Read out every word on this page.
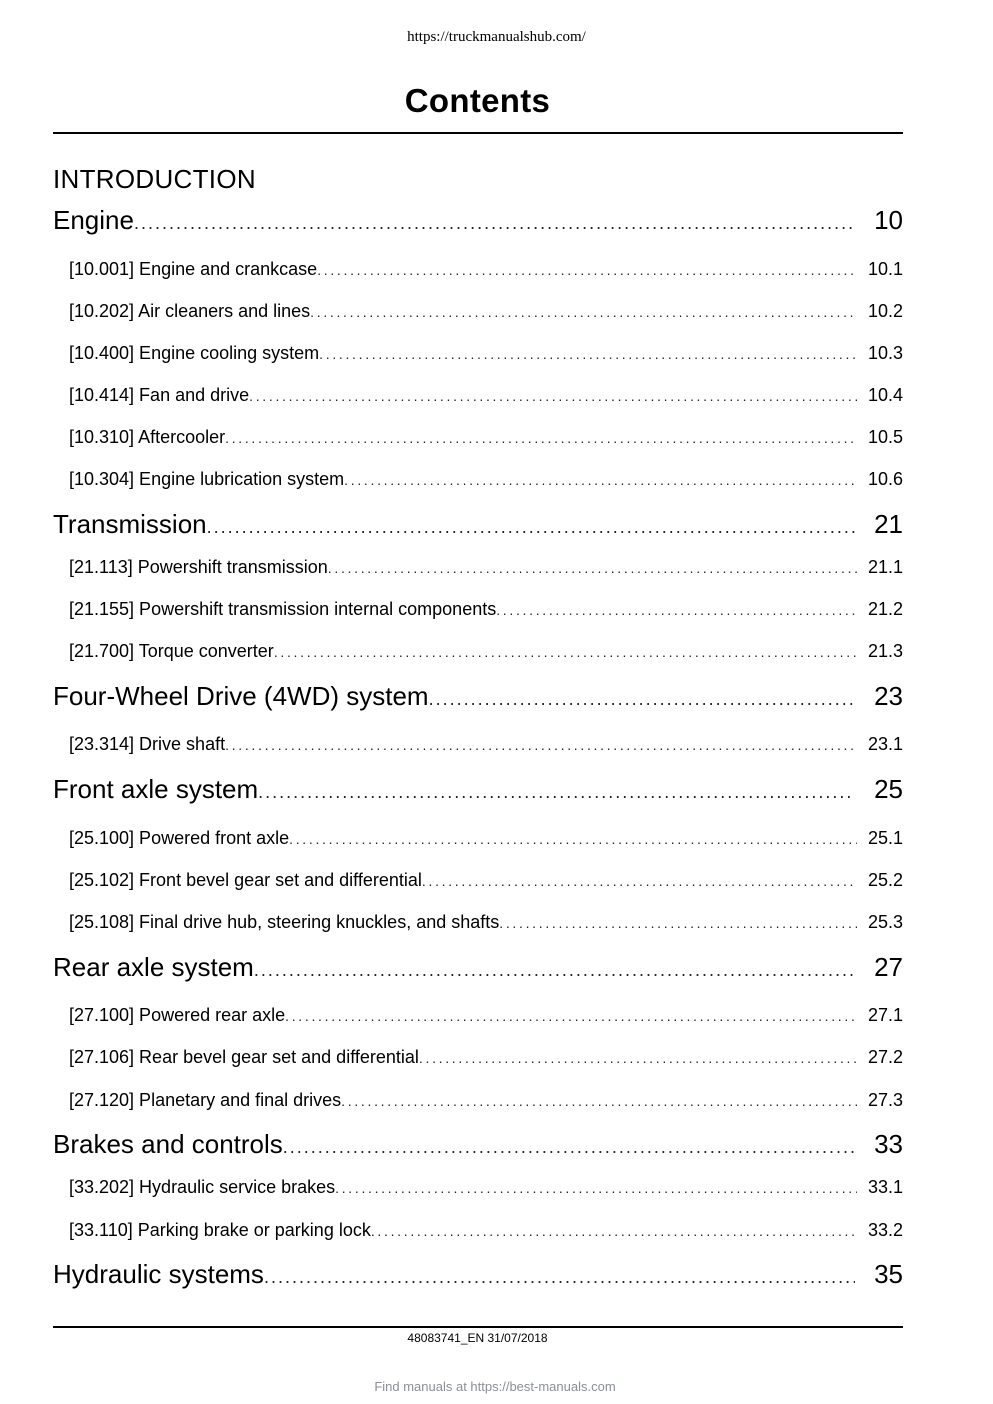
https://truckmanualshub.com/
Contents
INTRODUCTION
Engine . . .	10
[10.001] Engine and crankcase . . .	10.1
[10.202] Air cleaners and lines . . .	10.2
[10.400] Engine cooling system . . .	10.3
[10.414] Fan and drive . . .	10.4
[10.310] Aftercooler . . .	10.5
[10.304] Engine lubrication system . . .	10.6
Transmission . . .	21
[21.113] Powershift transmission . . .	21.1
[21.155] Powershift transmission internal components . . .	21.2
[21.700] Torque converter . . .	21.3
Four-Wheel Drive (4WD) system . . .	23
[23.314] Drive shaft . . .	23.1
Front axle system . . .	25
[25.100] Powered front axle . . .	25.1
[25.102] Front bevel gear set and differential . . .	25.2
[25.108] Final drive hub, steering knuckles, and shafts . . .	25.3
Rear axle system . . .	27
[27.100] Powered rear axle . . .	27.1
[27.106] Rear bevel gear set and differential . . .	27.2
[27.120] Planetary and final drives . . .	27.3
Brakes and controls . . .	33
[33.202] Hydraulic service brakes . . .	33.1
[33.110] Parking brake or parking lock . . .	33.2
Hydraulic systems . . .	35
48083741_EN 31/07/2018
Find manuals at https://best-manuals.com
